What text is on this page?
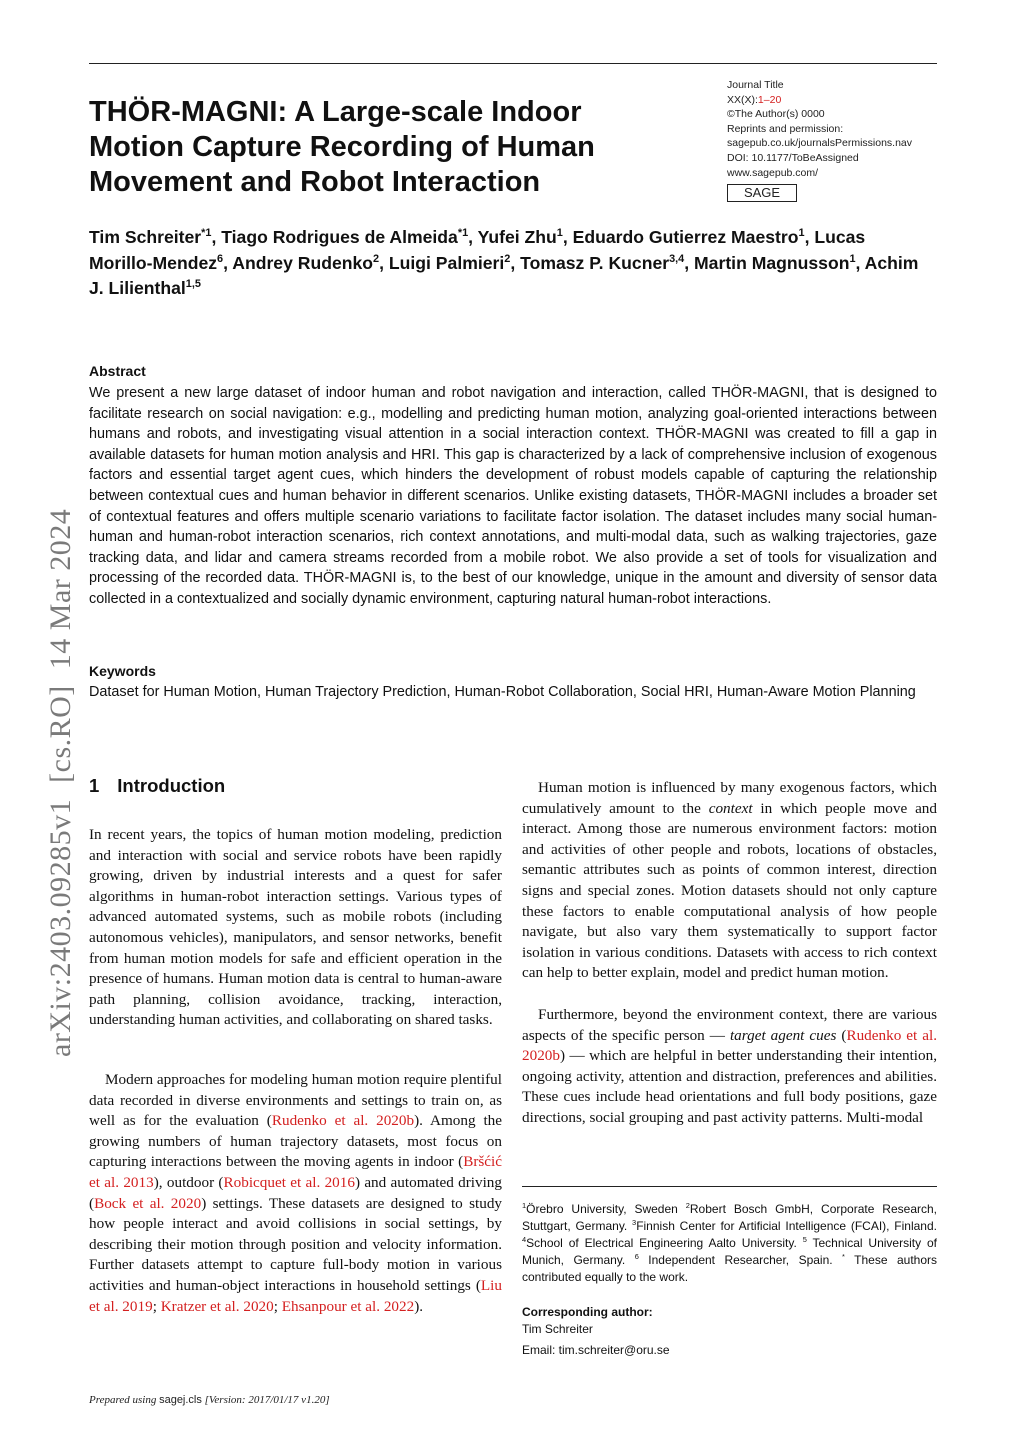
arXiv:2403.09285v1  [cs.RO]  14 Mar 2024
Journal Title
XX(X):1–20
©The Author(s) 0000
Reprints and permission:
sagepub.co.uk/journalsPermissions.nav
DOI: 10.1177/ToBeAssigned
www.sagepub.com/
SAGE
THÖR-MAGNI: A Large-scale Indoor
Motion Capture Recording of Human
Movement and Robot Interaction
Tim Schreiter$^{*1}$, Tiago Rodrigues de Almeida$^{*1}$, Yufei Zhu$^1$, Eduardo Gutierrez Maestro$^1$, Lucas Morillo-Mendez$^6$, Andrey Rudenko$^2$, Luigi Palmieri$^2$, Tomasz P. Kucner$^{3,4}$, Martin Magnusson$^1$, Achim J. Lilienthal$^{1,5}$
Abstract
We present a new large dataset of indoor human and robot navigation and interaction, called THÖR-MAGNI, that is designed to facilitate research on social navigation: e.g., modelling and predicting human motion, analyzing goal-oriented interactions between humans and robots, and investigating visual attention in a social interaction context. THÖR-MAGNI was created to fill a gap in available datasets for human motion analysis and HRI. This gap is characterized by a lack of comprehensive inclusion of exogenous factors and essential target agent cues, which hinders the development of robust models capable of capturing the relationship between contextual cues and human behavior in different scenarios. Unlike existing datasets, THÖR-MAGNI includes a broader set of contextual features and offers multiple scenario variations to facilitate factor isolation. The dataset includes many social human-human and human-robot interaction scenarios, rich context annotations, and multi-modal data, such as walking trajectories, gaze tracking data, and lidar and camera streams recorded from a mobile robot. We also provide a set of tools for visualization and processing of the recorded data. THÖR-MAGNI is, to the best of our knowledge, unique in the amount and diversity of sensor data collected in a contextualized and socially dynamic environment, capturing natural human-robot interactions.
Keywords
Dataset for Human Motion, Human Trajectory Prediction, Human-Robot Collaboration, Social HRI, Human-Aware Motion Planning
1 Introduction
In recent years, the topics of human motion modeling, prediction and interaction with social and service robots have been rapidly growing, driven by industrial interests and a quest for safer algorithms in human-robot interaction settings. Various types of advanced automated systems, such as mobile robots (including autonomous vehicles), manipulators, and sensor networks, benefit from human motion models for safe and efficient operation in the presence of humans. Human motion data is central to human-aware path planning, collision avoidance, tracking, interaction, understanding human activities, and collaborating on shared tasks.
Modern approaches for modeling human motion require plentiful data recorded in diverse environments and settings to train on, as well as for the evaluation (Rudenko et al. 2020b). Among the growing numbers of human trajectory datasets, most focus on capturing interactions between the moving agents in indoor (Bršćić et al. 2013), outdoor (Robicquet et al. 2016) and automated driving (Bock et al. 2020) settings. These datasets are designed to study how people interact and avoid collisions in social settings, by describing their motion through position and velocity information. Further datasets attempt to capture full-body motion in various activities and human-object interactions in household settings (Liu et al. 2019; Kratzer et al. 2020; Ehsanpour et al. 2022).
Human motion is influenced by many exogenous factors, which cumulatively amount to the context in which people move and interact. Among those are numerous environment factors: motion and activities of other people and robots, locations of obstacles, semantic attributes such as points of common interest, direction signs and special zones. Motion datasets should not only capture these factors to enable computational analysis of how people navigate, but also vary them systematically to support factor isolation in various conditions. Datasets with access to rich context can help to better explain, model and predict human motion.
Furthermore, beyond the environment context, there are various aspects of the specific person — target agent cues (Rudenko et al. 2020b) — which are helpful in better understanding their intention, ongoing activity, attention and distraction, preferences and abilities. These cues include head orientations and full body positions, gaze directions, social grouping and past activity patterns. Multi-modal
$^1$Örebro University, Sweden $^2$Robert Bosch GmbH, Corporate Research, Stuttgart, Germany. $^3$Finnish Center for Artificial Intelligence (FCAI), Finland. $^4$School of Electrical Engineering Aalto University. $^5$ Technical University of Munich, Germany. $^6$ Independent Researcher, Spain. * These authors contributed equally to the work.
Corresponding author:
Tim Schreiter
Email: tim.schreiter@oru.se
Prepared using sagej.cls [Version: 2017/01/17 v1.20]
